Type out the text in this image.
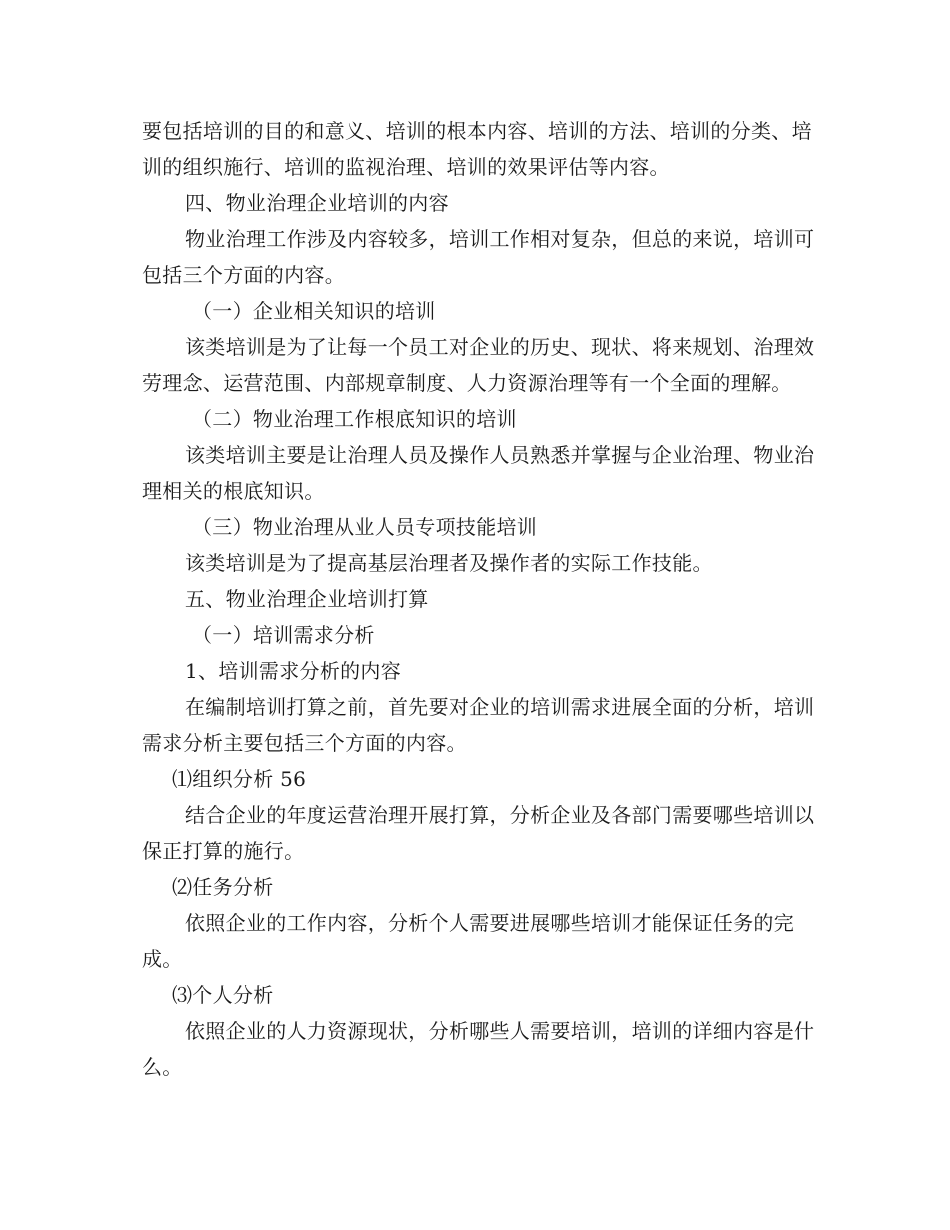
要包括培训的目的和意义、培训的根本内容、培训的方法、培训的分类、培训的组织施行、培训的监视治理、培训的效果评估等内容。

四、物业治理企业培训的内容

物业治理工作涉及内容较多，培训工作相对复杂，但总的来说，培训可包括三个方面的内容。

（一）企业相关知识的培训

该类培训是为了让每一个员工对企业的历史、现状、将来规划、治理效劳理念、运营范围、内部规章制度、人力资源治理等有一个全面的理解。

（二）物业治理工作根底知识的培训

该类培训主要是让治理人员及操作人员熟悉并掌握与企业治理、物业治理相关的根底知识。

（三）物业治理从业人员专项技能培训

该类培训是为了提高基层治理者及操作者的实际工作技能。

五、物业治理企业培训打算

（一）培训需求分析

1、培训需求分析的内容

在编制培训打算之前，首先要对企业的培训需求进展全面的分析，培训需求分析主要包括三个方面的内容。

⑴组织分析 56

结合企业的年度运营治理开展打算，分析企业及各部门需要哪些培训以保正打算的施行。

⑵任务分析

依照企业的工作内容，分析个人需要进展哪些培训才能保证任务的完成。

⑶个人分析

依照企业的人力资源现状，分析哪些人需要培训，培训的详细内容是什么。
